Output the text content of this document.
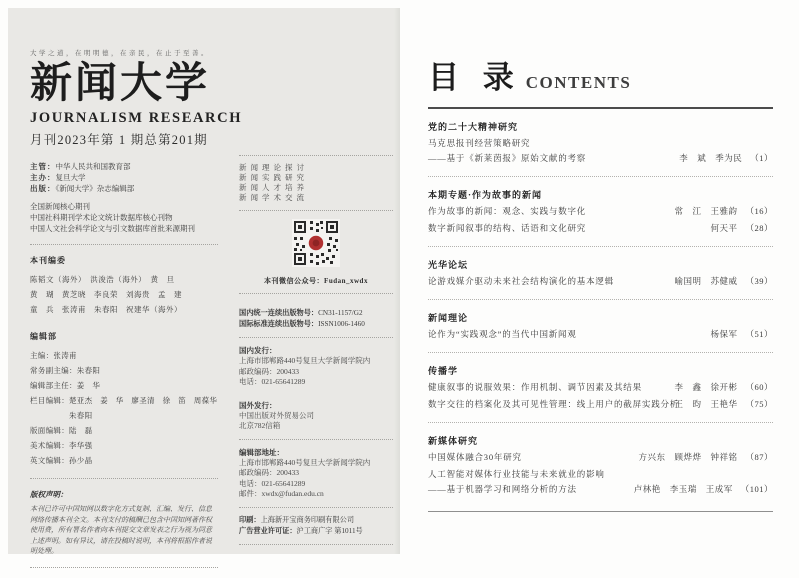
大学之道，在明明德，在亲民，在止于至善。
新闻大学
JOURNALISM RESEARCH
月刊2023年第 1 期总第201期
主管：中华人民共和国教育部
主办：复旦大学
出版：《新闻大学》杂志编辑部
全国新闻核心期刊
中国社科期刊学术论文统计数据库核心刊物
中国人文社会科学论文与引文数据库首批来源期刊
本刊编委
陈韬文（海外）　洪浚浩（海外）　黄　旦
黄　瑚　黄芝晓　李良荣　刘海贵　孟　建
童　兵　张涛甫　朱春阳　祝建华（海外）
编辑部
主编：张涛甫
常务副主编：朱春阳
编辑部主任：姜　华
栏目编辑：楚亚杰　姜　华　廖圣清　徐　笛　周葆华
　　　　　朱春阳
版面编辑：陆　磊
美术编辑：李华强
英文编辑：孙少晶
版权声明：
本刊已许可中国知网以数字化方式复制、汇编、发行、信息网络传播本刊全文。本刊支付的稿酬已包含中国知网著作权使用费，所有署名作者向本刊提交文章发表之行为视为同意上述声明。如有异议，请在投稿时说明，本刊将根据作者说明处理。
新闻理论探讨
新闻实践研究
新闻人才培养
新闻学术交流
本刊微信公众号：Fudan_xwdx
国内统一连续出版物号：CN31-1157/G2
国际标准连续出版物号：ISSN1006-1460
国内发行：
上海市邯郸路440号复旦大学新闻学院内
邮政编码：200433
电话：021-65641289
国外发行：
中国出版对外贸易公司
北京782信箱
编辑部地址：
上海市邯郸路440号复旦大学新闻学院内
邮政编码：200433
电话：021-65641289
邮件：xwdx@fudan.edu.cn
印刷：上海新开宝商务印刷有限公司
广告营业许可证：沪工商广字 第1011号
目 录 CONTENTS
党的二十大精神研究
马克思报刊经营策略研究
——基于《新莱茵报》原始文献的考察	李　斌　季为民 （1）
本期专题·作为故事的新闻
作为故事的新闻：观念、实践与数字化	常　江　王雅韵 （16）
数字新闻叙事的结构、话语和文化研究	何天平 （28）
光华论坛
论游戏媒介驱动未来社会结构演化的基本逻辑	喻国明　苏健威 （39）
新闻理论
论作为“实践观念”的当代中国新闻观	杨保军 （51）
传播学
健康叙事的说服效果：作用机制、调节因素及其结果	李　鑫　徐开彬 （60）
数字交往的档案化及其可见性管理：线上用户的截屏实践分析
王　昀　王艳华 （75）
新媒体研究
中国媒体融合30年研究	方兴东　顾烨烨　钟祥铭 （87）
人工智能对媒体行业技能与未来就业的影响
——基于机器学习和网络分析的方法	卢林艳　李玉瑞　王成军 （101）
